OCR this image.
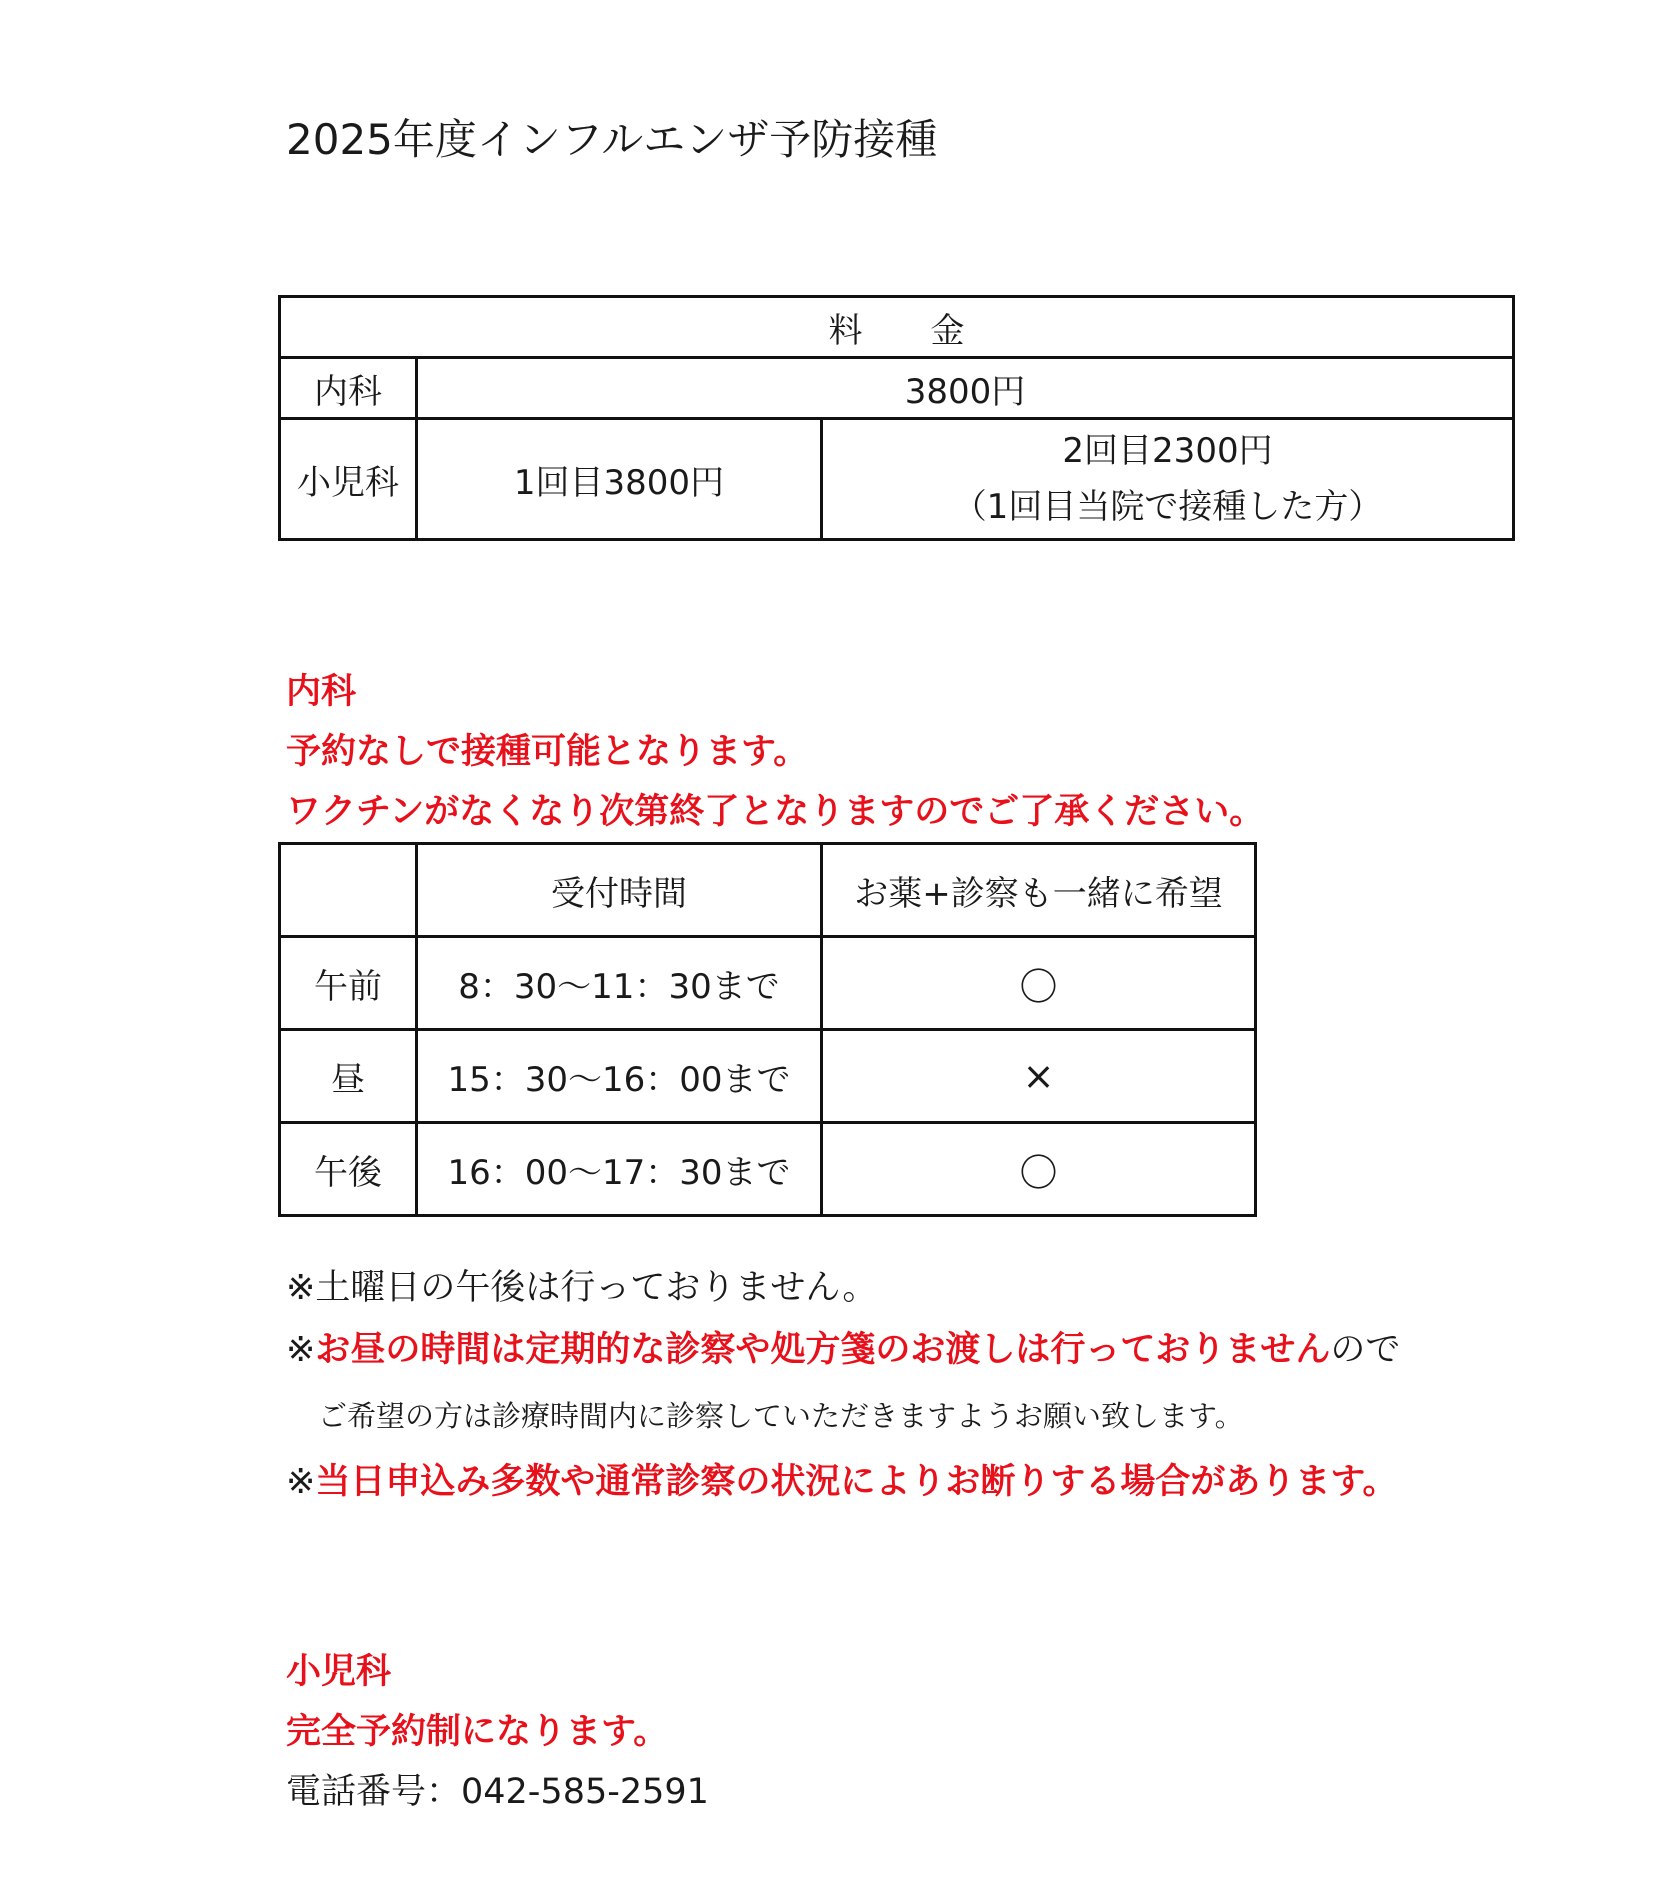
2025年度インフルエンザ予防接種
料　　金		
内科	3800円	
小児科	1回目3800円	2回目2300円
（1回目当院で接種した方）
内科
予約なしで接種可能となります。
ワクチンがなくなり次第終了となりますのでご了承ください。
	受付時間	お薬+診察も一緒に希望
午前	8：30～11：30まで	〇
昼	15：30～16：00まで	×
午後	16：00～17：30まで	〇
※土曜日の午後は行っておりません。
※お昼の時間は定期的な診察や処方箋のお渡しは行っておりませんので
ご希望の方は診療時間内に診察していただきますようお願い致します。
※当日申込み多数や通常診察の状況によりお断りする場合があります。
小児科
完全予約制になります。
電話番号：042-585-2591
